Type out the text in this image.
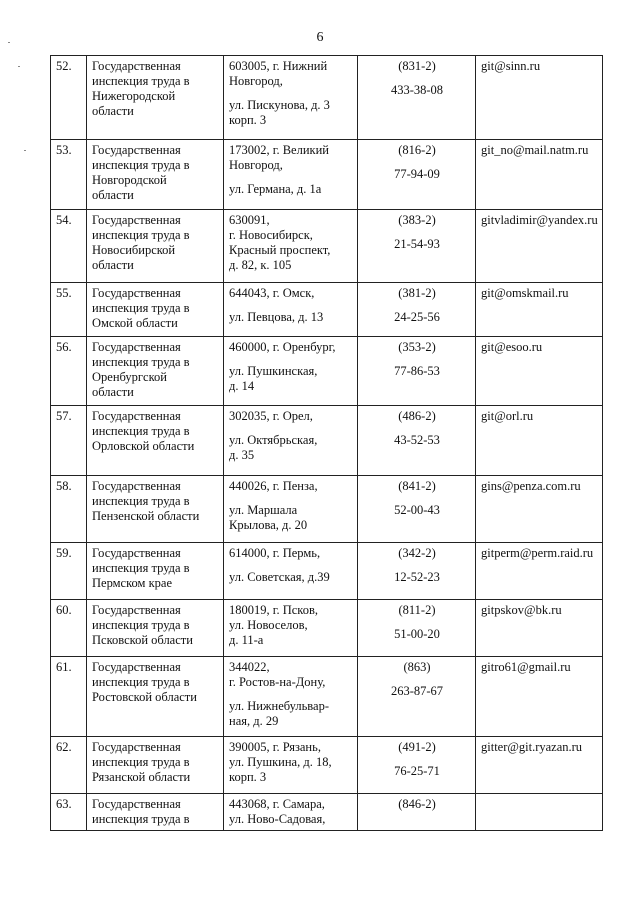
6
52.	Государственная
инспекция труда в
Нижегородской
области	603005, г. Нижний
Новгород,
ул. Пискунова, д. 3
корп. 3	(831-2)
433-38-08	git@sinn.ru
53.	Государственная
инспекция труда в
Новгородской
области	173002, г. Великий
Новгород,
ул. Германа, д. 1а	(816-2)
77-94-09	git_no@mail.natm.ru
54.	Государственная
инспекция труда в
Новосибирской
области	630091,
г. Новосибирск,
Красный проспект,
д. 82, к. 105	(383-2)
21-54-93	gitvladimir@yandex.ru
55.	Государственная
инспекция труда в
Омской области	644043, г. Омск,
ул. Певцова, д. 13	(381-2)
24-25-56	git@omskmail.ru
56.	Государственная
инспекция труда в
Оренбургской
области	460000, г. Оренбург,
ул. Пушкинская,
д. 14	(353-2)
77-86-53	git@esoo.ru
57.	Государственная
инспекция труда в
Орловской области	302035, г. Орел,
ул. Октябрьская,
д. 35	(486-2)
43-52-53	git@orl.ru
58.	Государственная
инспекция труда в
Пензенской области	440026, г. Пенза,
ул. Маршала
Крылова, д. 20	(841-2)
52-00-43	gins@penza.com.ru
59.	Государственная
инспекция труда в
Пермском крае	614000, г. Пермь,
ул. Советская, д.39	(342-2)
12-52-23	gitperm@perm.raid.ru
60.	Государственная
инспекция труда в
Псковской области	180019, г. Псков,
ул. Новоселов,
д. 11-а	(811-2)
51-00-20	gitpskov@bk.ru
61.	Государственная
инспекция труда в
Ростовской области	344022,
г. Ростов-на-Дону,
ул. Нижнебульвар-
ная, д. 29	(863)
263-87-67	gitro61@gmail.ru
62.	Государственная
инспекция труда в
Рязанской области	390005, г. Рязань,
ул. Пушкина, д. 18,
корп. 3	(491-2)
76-25-71	gitter@git.ryazan.ru
63.	Государственная
инспекция труда в	443068, г. Самара,
ул. Ново-Садовая,	(846-2)	
